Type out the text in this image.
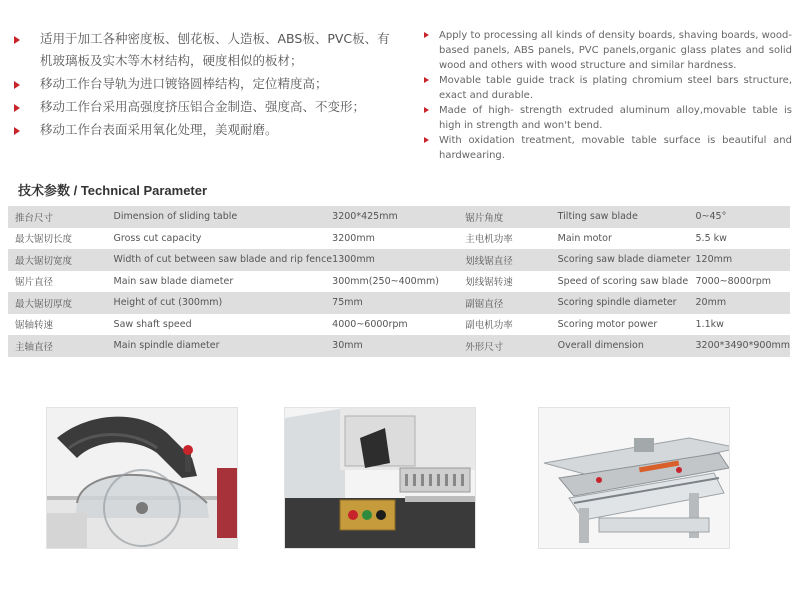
适用于加工各种密度板、刨花板、人造板、ABS板、PVC板、有机玻璃板及实木等木材结构，硬度相似的板材；
移动工作台导轨为进口镀铬圆棒结构，定位精度高；
移动工作台采用高强度挤压铝合金制造、强度高、不变形；
移动工作台表面采用氧化处理，美观耐磨。
Apply to processing all kinds of density boards, shaving boards, wood-based panels, ABS panels, PVC panels,organic glass plates and solid wood and others with wood structure and similar hardness.
Movable table guide track is plating chromium steel bars structure, exact and durable.
Made of high- strength extruded aluminum alloy,movable table is high in strength and won't bend.
With oxidation treatment, movable table surface is beautiful and hardwearing.
技术参数 / Technical Parameter
推台尺寸	Dimension of sliding table	3200*425mm	锯片角度	Tilting saw blade	0~45°
最大锯切长度	Gross cut capacity	3200mm	主电机功率	Main motor	5.5 kw
最大锯切宽度	Width of cut between saw blade and rip fence	1300mm	划线锯直径	Scoring saw blade diameter	120mm
锯片直径	Main saw blade diameter	300mm(250~400mm)	划线锯转速	Speed of scoring saw blade	7000~8000rpm
最大锯切厚度	Height of cut (300mm)	75mm	副锯直径	Scoring spindle diameter	20mm
锯轴转速	Saw shaft speed	4000~6000rpm	副电机功率	Scoring motor power	1.1kw
主轴直径	Main spindle diameter	30mm	外形尺寸	Overall dimension	3200*3490*900mm
